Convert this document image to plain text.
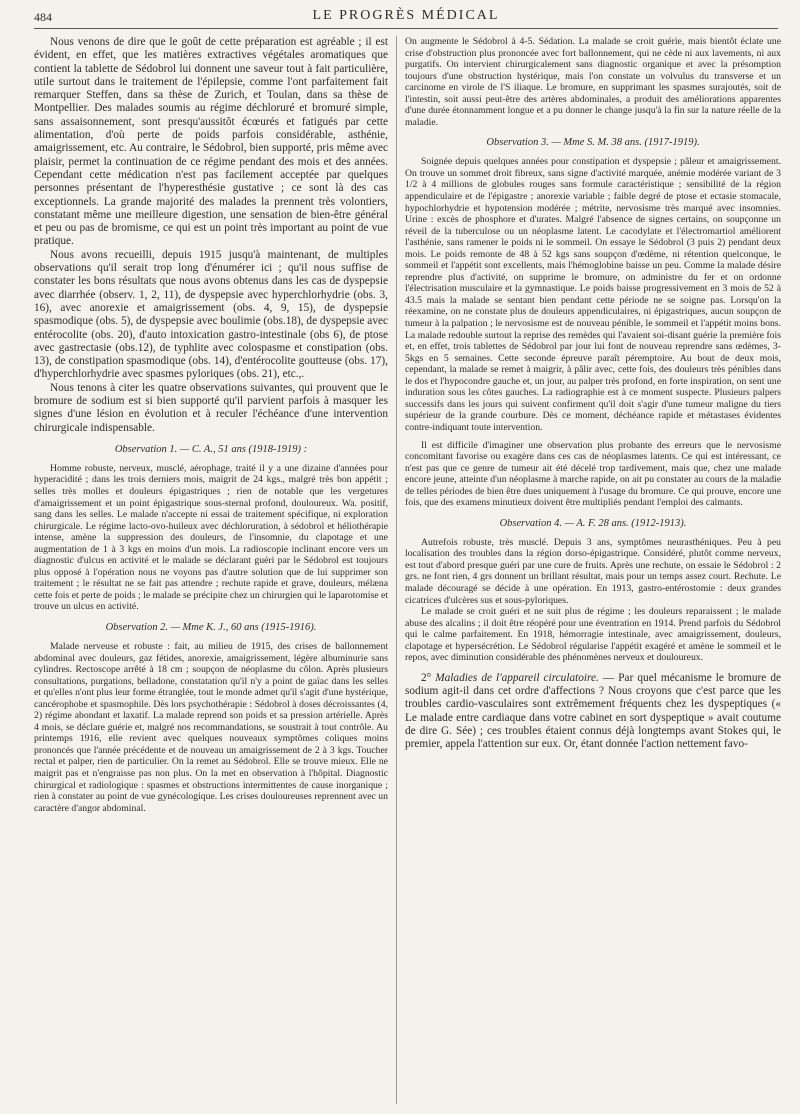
484	LE PROGRÈS MÉDICAL

Nous venons de dire que le goût de cette préparation est agréable ; il est évident, en effet, que les matières extractives végétales aromatiques que contient la tablette de Sédobrol lui donnent une saveur tout à fait particulière, utile surtout dans le traitement de l'épilepsie, comme l'ont parfaitement fait remarquer Steffen, dans sa thèse de Zurich, et Toulan, dans sa thèse de Montpellier. Des malades soumis au régime déchloruré et bromuré simple, sans assaisonnement, sont presqu'aussitôt écœurés et fatigués par cette alimentation, d'où perte de poids parfois considérable, asthénie, amaigrissement, etc. Au contraire, le Sédobrol, bien supporté, pris même avec plaisir, permet la continuation de ce régime pendant des mois et des années. Cependant cette médication n'est pas facilement acceptée par quelques personnes présentant de l'hyperesthésie gustative ; ce sont là des cas exceptionnels. La grande majorité des malades la prennent très volontiers, constatant même une meilleure digestion, une sensation de bien-être général et peu ou pas de bromisme, ce qui est un point très important au point de vue pratique.

Nous avons recueilli, depuis 1915 jusqu'à maintenant, de multiples observations qu'il serait trop long d'énumérer ici ; qu'il nous suffise de constater les bons résultats que nous avons obtenus dans les cas de dyspepsie avec diarrhée (observ. 1, 2, 11), de dyspepsie avec hyperchlorhydrie (obs. 3, 16), avec anorexie et amaigrissement (obs. 4, 9, 15), de dyspepsie spasmodique (obs. 5), de dyspepsie avec boulimie (obs.18), de dyspepsie avec entérocolite (obs. 20), d'auto intoxication gastro-intestinale (obs 6), de ptose avec gastrectasie (obs.12), de typhlite avec colospasme et constipation (obs. 13), de constipation spasmodique (obs. 14), d'entérocolite goutteuse (obs. 17), d'hyperchlorhydrie avec spasmes pyloriques (obs. 21), etc.,.

Nous tenons à citer les quatre observations suivantes, qui prouvent que le bromure de sodium est si bien supporté qu'il parvient parfois à masquer les signes d'une lésion en évolution et à reculer l'échéance d'une intervention chirurgicale indispensable.

Observation 1. — C. A., 51 ans (1918-1919) :

Homme robuste, nerveux, musclé, aérophage, traité il y a une dizaine d'années pour hyperacidité ; dans les trois derniers mois, maigrit de 24 kgs., malgré très bon appétit ; selles très molles et douleurs épigastriques ; rien de notable que les vergetures d'amaigrissement et un point épigastrique sous-sternal profond, douloureux. Wa. positif, sang dans les selles. Le malade n'accepte ni essai de traitement spécifique, ni exploration chirurgicale. Le régime lacto-ovo-huileux avec déchloruration, à sédobrol et héliothérapie intense, amène la suppression des douleurs, de l'insomnie, du clapotage et une augmentation de 1 à 3 kgs en moins d'un mois. La radioscopie inclinant encore vers un diagnostic d'ulcus en activité et le malade se déclarant guéri par le Sédobrol est toujours plus opposé à l'opération nous ne voyons pas d'autre solution que de lui supprimer son traitement ; le résultat ne se fait pas attendre ; rechute rapide et grave, douleurs, mélæna cette fois et perte de poids ; le malade se précipite chez un chirurgien qui le laparotomise et trouve un ulcus en activité.

Observation 2. — Mme K. J., 60 ans (1915-1916).

Malade nerveuse et robuste : fait, au milieu de 1915, des crises de ballonnement abdominal avec douleurs, gaz fétides, anorexie, amaigrissement, légère albuminurie sans cylindres. Rectoscope arrêté à 18 cm ; soupçon de néoplasme du côlon. Après plusieurs consultations, purgations, belladone, constatation qu'il n'y a point de gaïac dans les selles et qu'elles n'ont plus leur forme étranglée, tout le monde admet qu'il s'agit d'une hystérique, cancérophobe et spasmophile. Dès lors psychothérapie : Sédobrol à doses décroissantes (4, 2) régime abondant et laxatif. La malade reprend son poids et sa pression artérielle. Après 4 mois, se déclare guérie et, malgré nos recommandations, se soustrait à tout contrôle. Au printemps 1916, elle revient avec quelques nouveaux symptômes coliques moins prononcés que l'année précédente et de nouveau un amaigrissement de 2 à 3 kgs. Toucher rectal et palper, rien de particulier. On la remet au Sédobrol. Elle se trouve mieux. Elle ne maigrit pas et n'engraisse pas non plus. On la met en observation à l'hôpital. Diagnostic chirurgical et radiologique : spasmes et obstructions intermittentes de cause inorganique ; rien à constater au point de vue gynécologique. Les crises douloureuses reprennent avec un caractère d'angor abdominal.

On augmente le Sédobrol à 4-5. Sédation. La malade se croit guérie, mais bientôt éclate une crise d'obstruction plus prononcée avec fort ballonnement, qui ne cède ni aux lavements, ni aux purgatifs. On intervient chirurgicalement sans diagnostic organique et avec la présomption toujours d'une obstruction hystérique, mais l'on constate un volvulus du transverse et un carcinome en virole de l'S iliaque. Le bromure, en supprimant les spasmes surajoutés, soit de l'intestin, soit aussi peut-être des artères abdominales, a produit des améliorations apparentes d'une durée étonnamment longue et a pu donner le change jusqu'à la fin sur la nature réelle de la maladie.

Observation 3. — Mme S. M. 38 ans. (1917-1919).

Soignée depuis quelques années pour constipation et dyspepsie ; pâleur et amaigrissement. On trouve un sommet droit fibreux, sans signe d'activité marquée, anémie modérée variant de 3 1/2 à 4 millions de globules rouges sans formule caractéristique ; sensibilité de la région appendiculaire et de l'épigastre ; anorexie variable ; faible degré de ptose et ectasie stomacale, hypochlorhydrie et hypotension modérée ; métrite, nervosisme très marqué avec insomnies. Urine : excès de phosphore et d'urates. Malgré l'absence de signes certains, on soupçonne un réveil de la tuberculose ou un néoplasme latent. Le cacodylate et l'électromartiol améliorent l'asthénie, sans ramener le poids ni le sommeil. On essaye le Sédobrol (3 puis 2) pendant deux mois. Le poids remonte de 48 à 52 kgs sans soupçon d'œdème, ni rétention quelconque, le sommeil et l'appétit sont excellents, mais l'hémoglobine baisse un peu. Comme la malade désire reprendre plus d'activité, on supprime le bromure, on administre du fer et on ordonne l'électrisation musculaire et la gymnastique. Le poids baisse progressivement en 3 mois de 52 à 43.5 mais la malade se sentant bien pendant cette période ne se soigne pas. Lorsqu'on la réexamine, on ne constate plus de douleurs appendiculaires, ni épigastriques, aucun soupçon de tumeur à la palpation ; le nervosisme est de nouveau pénible, le sommeil et l'appétit moins bons. La malade redouble surtout la reprise des remèdes qui l'avaient soi-disant guérie la première fois et, en effet, trois tablettes de Sédobrol par jour lui font de nouveau reprendre sans œdèmes, 3-5kgs en 5 semaines. Cette seconde épreuve paraît péremptoire. Au bout de deux mois, cependant, la malade se remet à maigrir, à pâlir avec, cette fois, des douleurs très pénibles dans le dos et l'hypocondre gauche et, un jour, au palper très profond, en forte inspiration, on sent une induration sous les côtes gauches. La radiographie est à ce moment suspecte. Plusieurs palpers successifs dans les jours qui suivent confirment qu'il doit s'agir d'une tumeur maligne du tiers supérieur de la grande courbure. Dès ce moment, déchéance rapide et métastases évidentes contre-indiquant toute intervention.

Il est difficile d'imaginer une observation plus probante des erreurs que le nervosisme concomitant favorise ou exagère dans ces cas de néoplasmes latents. Ce qui est intéressant, ce n'est pas que ce genre de tumeur ait été décelé trop tardivement, mais que, chez une malade encore jeune, atteinte d'un néoplasme à marche rapide, on ait pu constater au cours de la maladie de telles périodes de bien être dues uniquement à l'usage du bromure. Ce qui prouve, encore une fois, que des examens minutieux doivent être multipliés pendant l'emploi des calmants.

Observation 4. — A. F. 28 ans. (1912-1913).

Autrefois robuste, très musclé. Depuis 3 ans, symptômes neurasthéniques. Peu à peu localisation des troubles dans la région dorso-épigastrique. Considéré, plutôt comme nerveux, est tout d'abord presque guéri par une cure de fruits. Après une rechute, on essaie le Sédobrol : 2 grs. ne font rien, 4 grs donnent un brillant résultat, mais pour un temps assez court. Rechute. Le malade découragé se décide à une opération. En 1913, gastro-entérostomie : deux grandes cicatrices d'ulcères sus et sous-pyloriques.

Le malade se croit guéri et ne suit plus de régime ; les douleurs reparaissent ; le malade abuse des alcalins ; il doit être réopéré pour une éventration en 1914. Prend parfois du Sédobrol qui le calme parfaitement. En 1918, hémorragie intestinale, avec amaigrissement, douleurs, clapotage et hypersécrétion. Le Sédobrol régularise l'appétit exagéré et amène le sommeil et le repos, avec diminution considérable des phénomènes nerveux et douloureux.

2° Maladies de l'appareil circulatoire. — Par quel mécanisme le bromure de sodium agit-il dans cet ordre d'affections ? Nous croyons que c'est parce que les troubles cardio-vasculaires sont extrêmement fréquents chez les dyspeptiques (« Le malade entre cardiaque dans votre cabinet en sort dyspeptique » avait coutume de dire G. Sée) ; ces troubles étaient connus déjà longtemps avant Stokes qui, le premier, appela l'attention sur eux. Or, étant donnée l'action nettement favo-
